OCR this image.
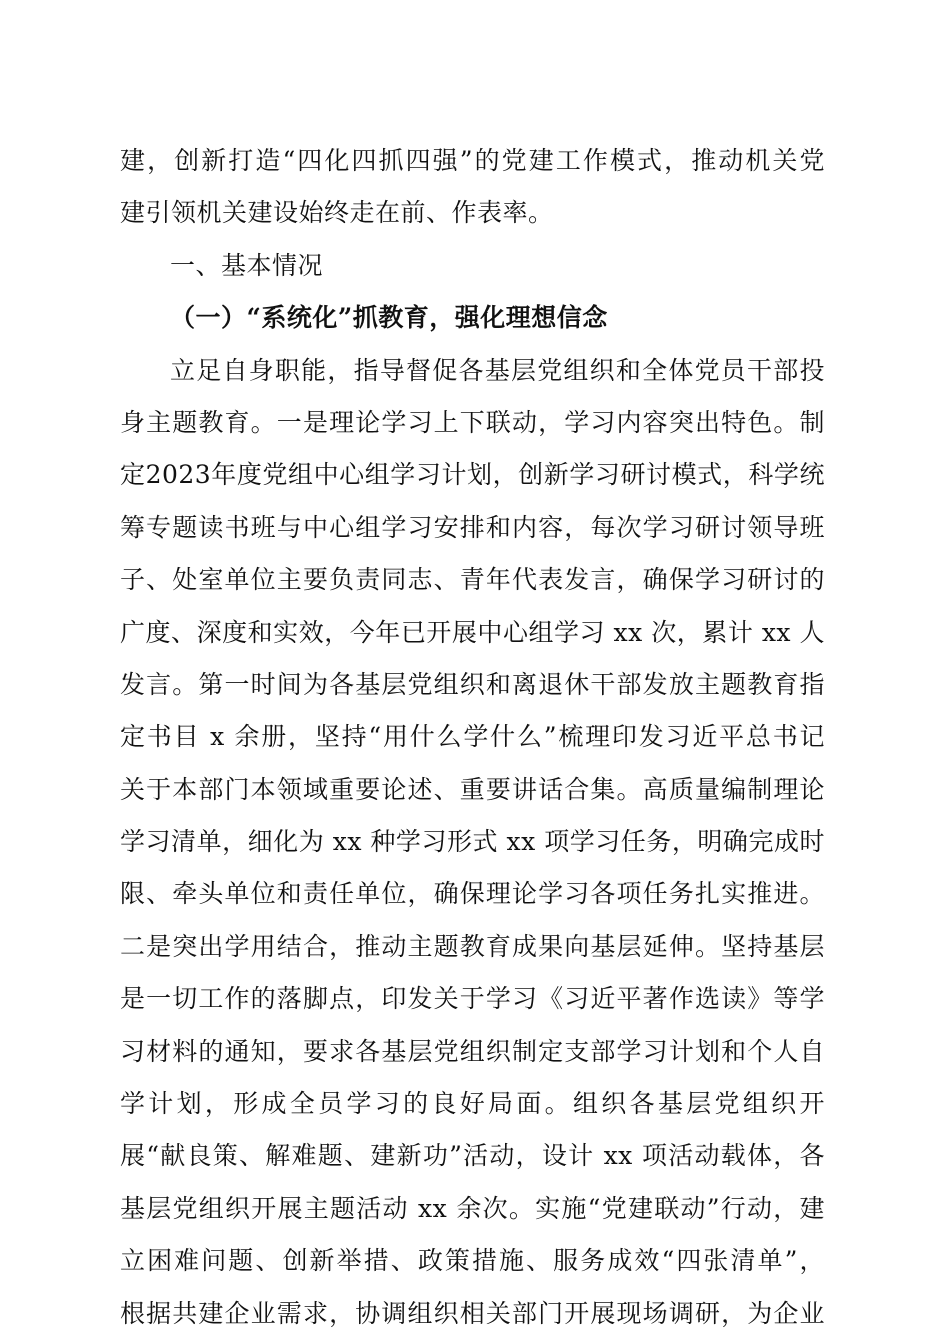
建，创新打造“四化四抓四强”的党建工作模式，推动机关党
建引领机关建设始终走在前、作表率。
一、基本情况
（一）“系统化”抓教育，强化理想信念
立足自身职能，指导督促各基层党组织和全体党员干部投
身主题教育。一是理论学习上下联动，学习内容突出特色。制
定2023年度党组中心组学习计划，创新学习研讨模式，科学统
筹专题读书班与中心组学习安排和内容，每次学习研讨领导班
子、处室单位主要负责同志、青年代表发言，确保学习研讨的
广度、深度和实效，今年已开展中心组学习 xx 次，累计 xx 人
发言。第一时间为各基层党组织和离退休干部发放主题教育指
定书目 x 余册，坚持“用什么学什么”梳理印发习近平总书记
关于本部门本领域重要论述、重要讲话合集。高质量编制理论
学习清单，细化为 xx 种学习形式 xx 项学习任务，明确完成时
限、牵头单位和责任单位，确保理论学习各项任务扎实推进。
二是突出学用结合，推动主题教育成果向基层延伸。坚持基层
是一切工作的落脚点，印发关于学习《习近平著作选读》等学
习材料的通知，要求各基层党组织制定支部学习计划和个人自
学计划，形成全员学习的良好局面。组织各基层党组织开
展“献良策、解难题、建新功”活动，设计 xx 项活动载体，各
基层党组织开展主题活动 xx 余次。实施“党建联动”行动，建
立困难问题、创新举措、政策措施、服务成效“四张清单”，
根据共建企业需求，协调组织相关部门开展现场调研，为企业
